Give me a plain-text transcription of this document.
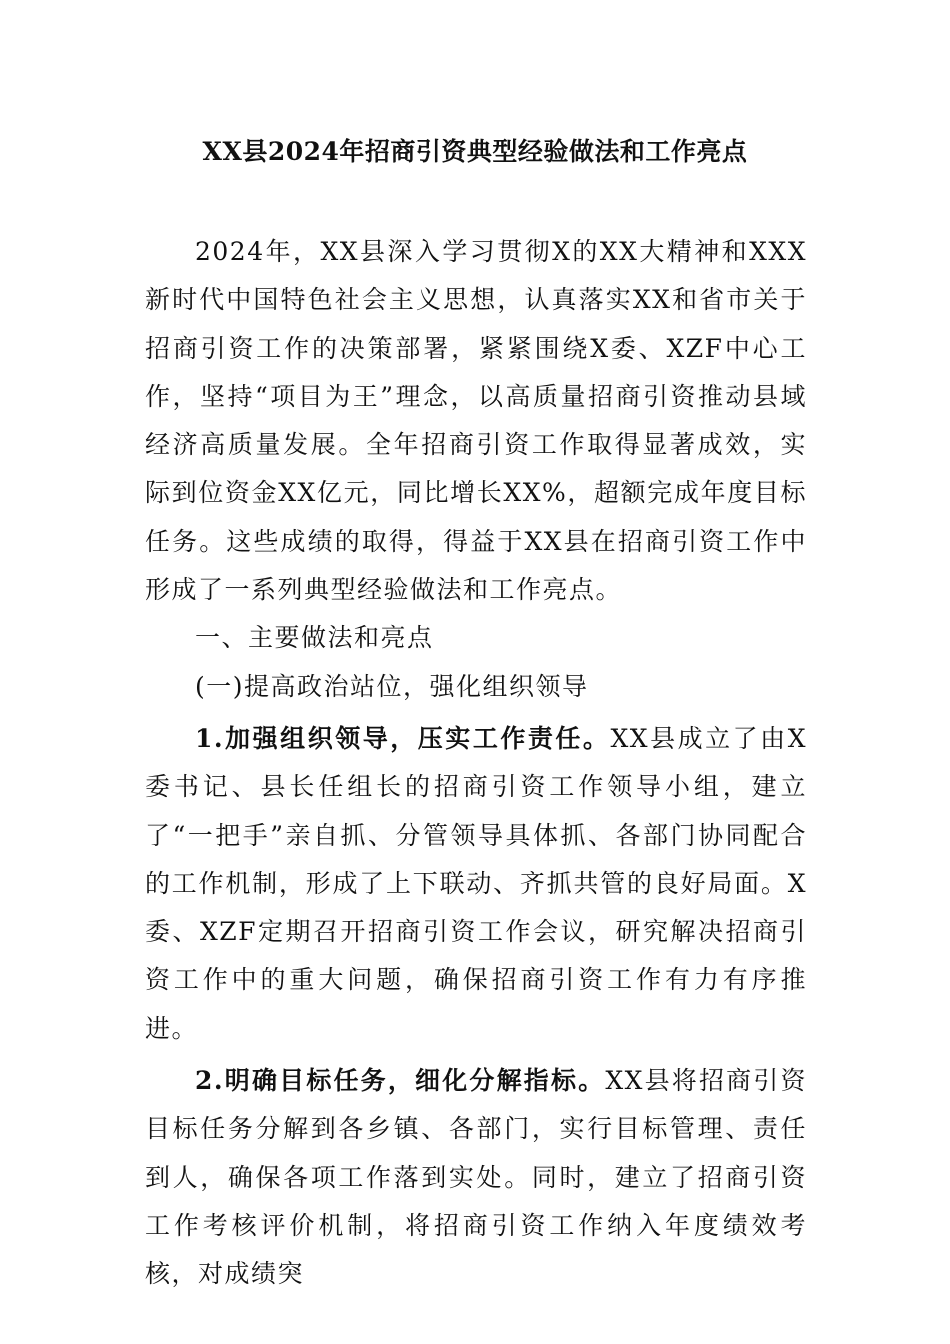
XX县2024年招商引资典型经验做法和工作亮点

2024年，XX县深入学习贯彻X的XX大精神和XXX新时代中国特色社会主义思想，认真落实XX和省市关于招商引资工作的决策部署，紧紧围绕X委、XZF中心工作，坚持“项目为王”理念，以高质量招商引资推动县域经济高质量发展。全年招商引资工作取得显著成效，实际到位资金XX亿元，同比增长XX%，超额完成年度目标任务。这些成绩的取得，得益于XX县在招商引资工作中形成了一系列典型经验做法和工作亮点。

一、主要做法和亮点

(一)提高政治站位，强化组织领导

1.加强组织领导，压实工作责任。XX县成立了由X委书记、县长任组长的招商引资工作领导小组，建立了“一把手”亲自抓、分管领导具体抓、各部门协同配合的工作机制，形成了上下联动、齐抓共管的良好局面。X委、XZF定期召开招商引资工作会议，研究解决招商引资工作中的重大问题，确保招商引资工作有力有序推进。

2.明确目标任务，细化分解指标。XX县将招商引资目标任务分解到各乡镇、各部门，实行目标管理、责任到人，确保各项工作落到实处。同时，建立了招商引资工作考核评价机制，将招商引资工作纳入年度绩效考核，对成绩突
